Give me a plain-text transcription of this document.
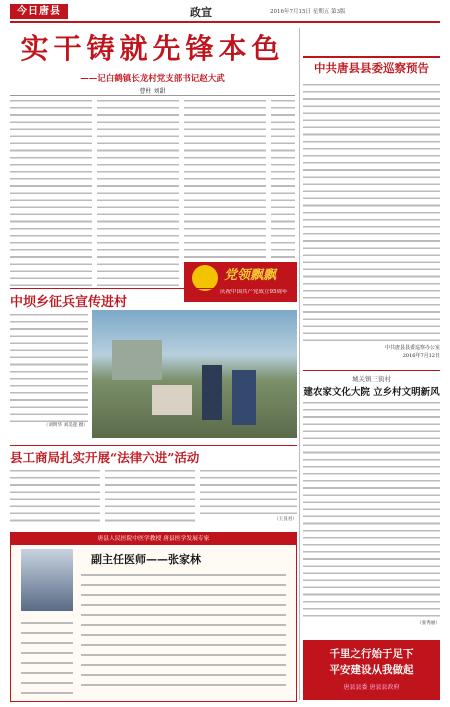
今日唐县	政宣	2016年7月15日 星期五 第3版
实干铸就先锋本色
——记白鹤镇长龙村党支部书记赵大武
曹柱 刘甜
党领飘飘
庆祝中国共产党成立95周年
中坝乡征兵宣传进村
（刘明华 刘美莲 摄）
县工商局扎实开展“法律六进”活动
（王良君）
唐县人民医院中医学教授 唐县医学发展专家
副主任医师——张家林
中共唐县县委巡察预告
中共唐县县委巡察办公室
2016年7月12日
城关镇三街村
建农家文化大院 立乡村文明新风
（张秀丽）
千里之行始于足下
平安建设从我做起
唐县县委 唐县县政府
